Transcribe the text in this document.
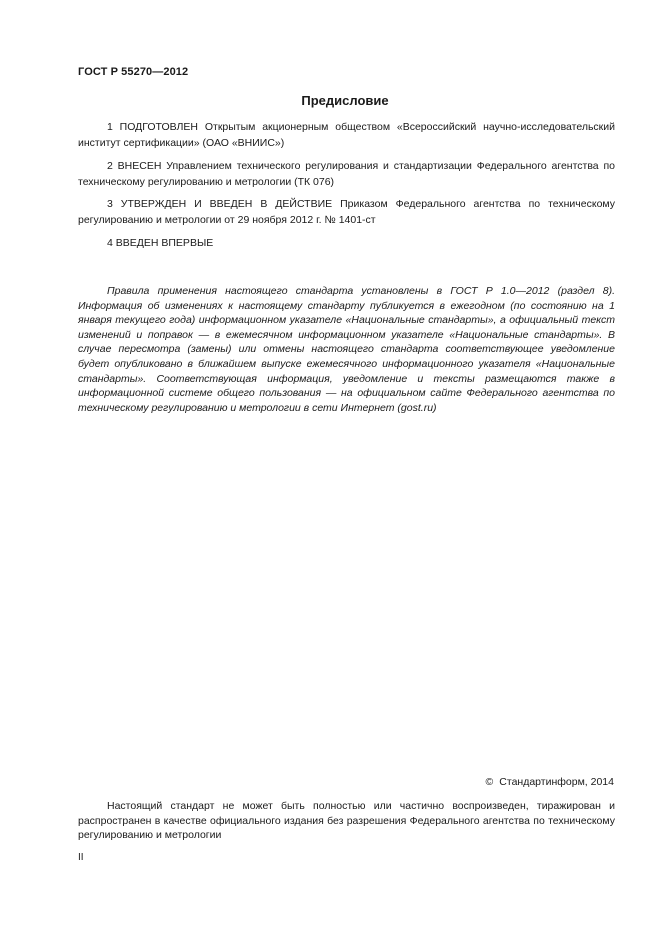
ГОСТ Р 55270—2012
Предисловие
1 ПОДГОТОВЛЕН Открытым акционерным обществом «Всероссийский научно-исследовательский институт сертификации» (ОАО «ВНИИС»)
2 ВНЕСЕН Управлением технического регулирования и стандартизации Федерального агентства по техническому регулированию и метрологии (ТК 076)
3 УТВЕРЖДЕН И ВВЕДЕН В ДЕЙСТВИЕ Приказом Федерального агентства по техническому регулированию и метрологии от 29 ноября 2012 г. № 1401-ст
4 ВВЕДЕН ВПЕРВЫЕ
Правила применения настоящего стандарта установлены в ГОСТ Р 1.0—2012 (раздел 8). Информация об изменениях к настоящему стандарту публикуется в ежегодном (по состоянию на 1 января текущего года) информационном указателе «Национальные стандарты», а официальный текст изменений и поправок — в ежемесячном информационном указателе «Национальные стандарты». В случае пересмотра (замены) или отмены настоящего стандарта соответствующее уведомление будет опубликовано в ближайшем выпуске ежемесячного информационного указателя «Национальные стандарты». Соответствующая информация, уведомление и тексты размещаются также в информационной системе общего пользования — на официальном сайте Федерального агентства по техническому регулированию и метрологии в сети Интернет (gost.ru)
© Стандартинформ, 2014
Настоящий стандарт не может быть полностью или частично воспроизведен, тиражирован и распространен в качестве официального издания без разрешения Федерального агентства по техническому регулированию и метрологии
II
